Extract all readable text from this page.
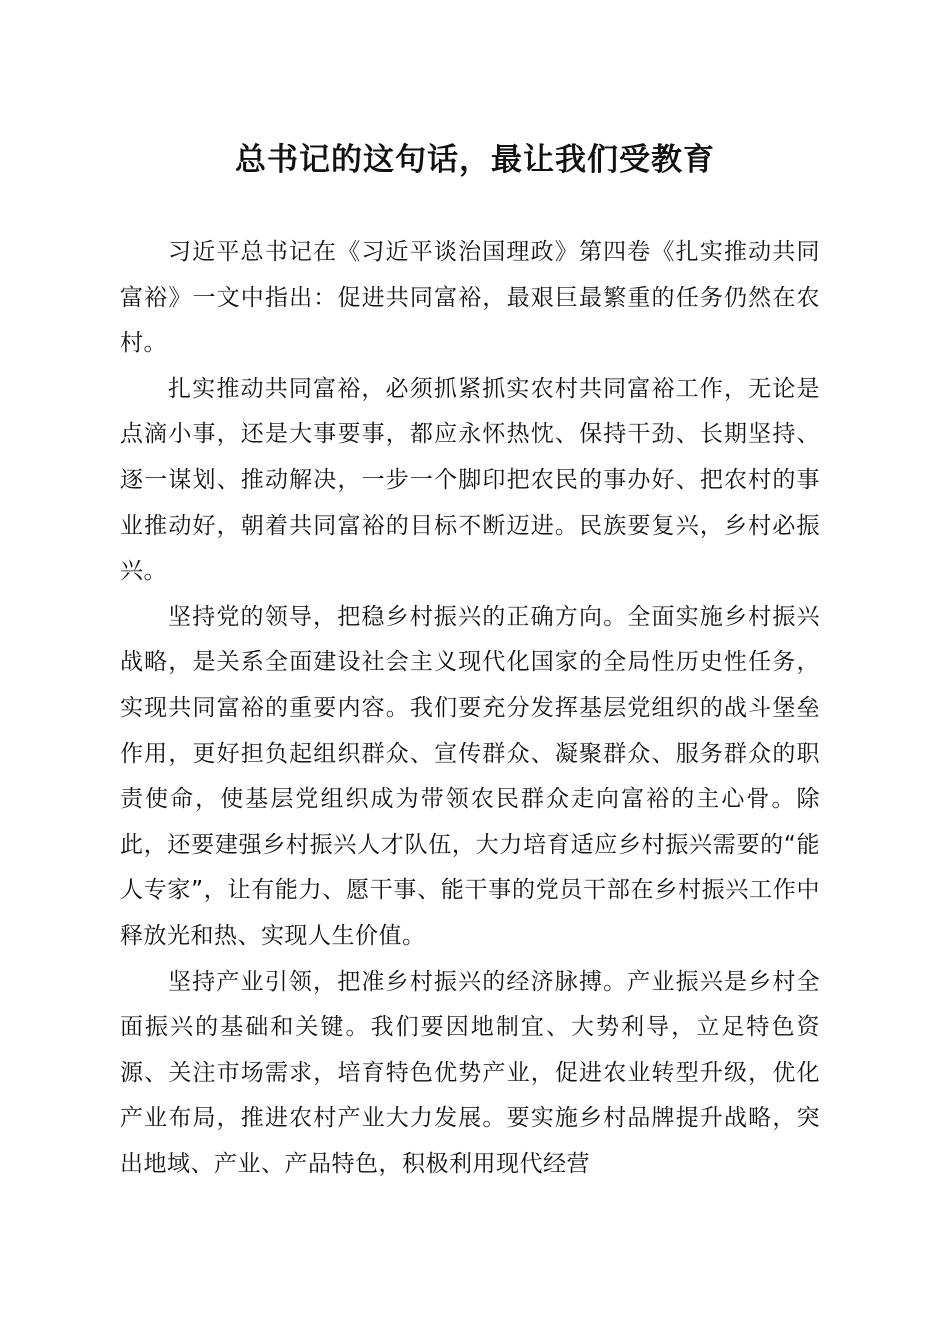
总书记的这句话，最让我们受教育

习近平总书记在《习近平谈治国理政》第四卷《扎实推动共同富裕》一文中指出：促进共同富裕，最艰巨最繁重的任务仍然在农村。

扎实推动共同富裕，必须抓紧抓实农村共同富裕工作，无论是点滴小事，还是大事要事，都应永怀热忱、保持干劲、长期坚持、逐一谋划、推动解决，一步一个脚印把农民的事办好、把农村的事业推动好，朝着共同富裕的目标不断迈进。民族要复兴，乡村必振兴。

坚持党的领导，把稳乡村振兴的正确方向。全面实施乡村振兴战略，是关系全面建设社会主义现代化国家的全局性历史性任务，实现共同富裕的重要内容。我们要充分发挥基层党组织的战斗堡垒作用，更好担负起组织群众、宣传群众、凝聚群众、服务群众的职责使命，使基层党组织成为带领农民群众走向富裕的主心骨。除此，还要建强乡村振兴人才队伍，大力培育适应乡村振兴需要的“能人专家”，让有能力、愿干事、能干事的党员干部在乡村振兴工作中释放光和热、实现人生价值。

坚持产业引领，把准乡村振兴的经济脉搏。产业振兴是乡村全面振兴的基础和关键。我们要因地制宜、大势利导，立足特色资源、关注市场需求，培育特色优势产业，促进农业转型升级，优化产业布局，推进农村产业大力发展。要实施乡村品牌提升战略，突出地域、产业、产品特色，积极利用现代经营
